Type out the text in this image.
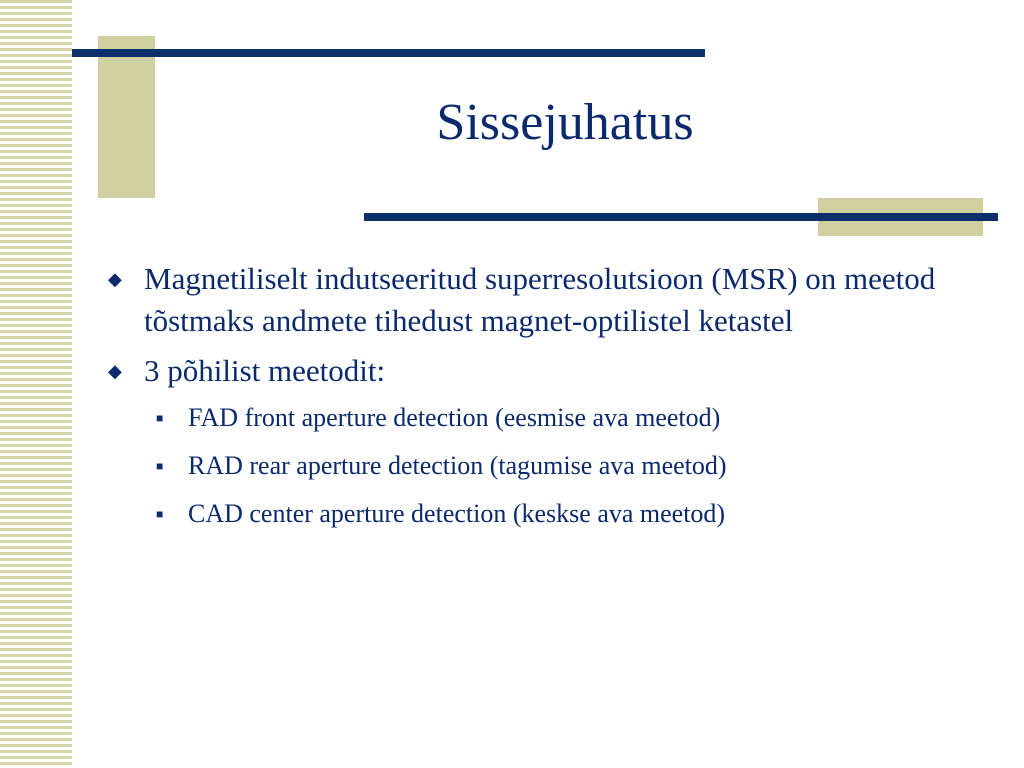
Sissejuhatus
◆ Magnetiliselt indutseeritud superresolutsioon (MSR) on meetod tõstmaks andmete tihedust magnet-optilistel ketastel
◆ 3 põhilist meetodit:
■ FAD front aperture detection (eesmise ava meetod)
■ RAD rear aperture detection (tagumise ava meetod)
■ CAD center aperture detection (keskse ava meetod)
